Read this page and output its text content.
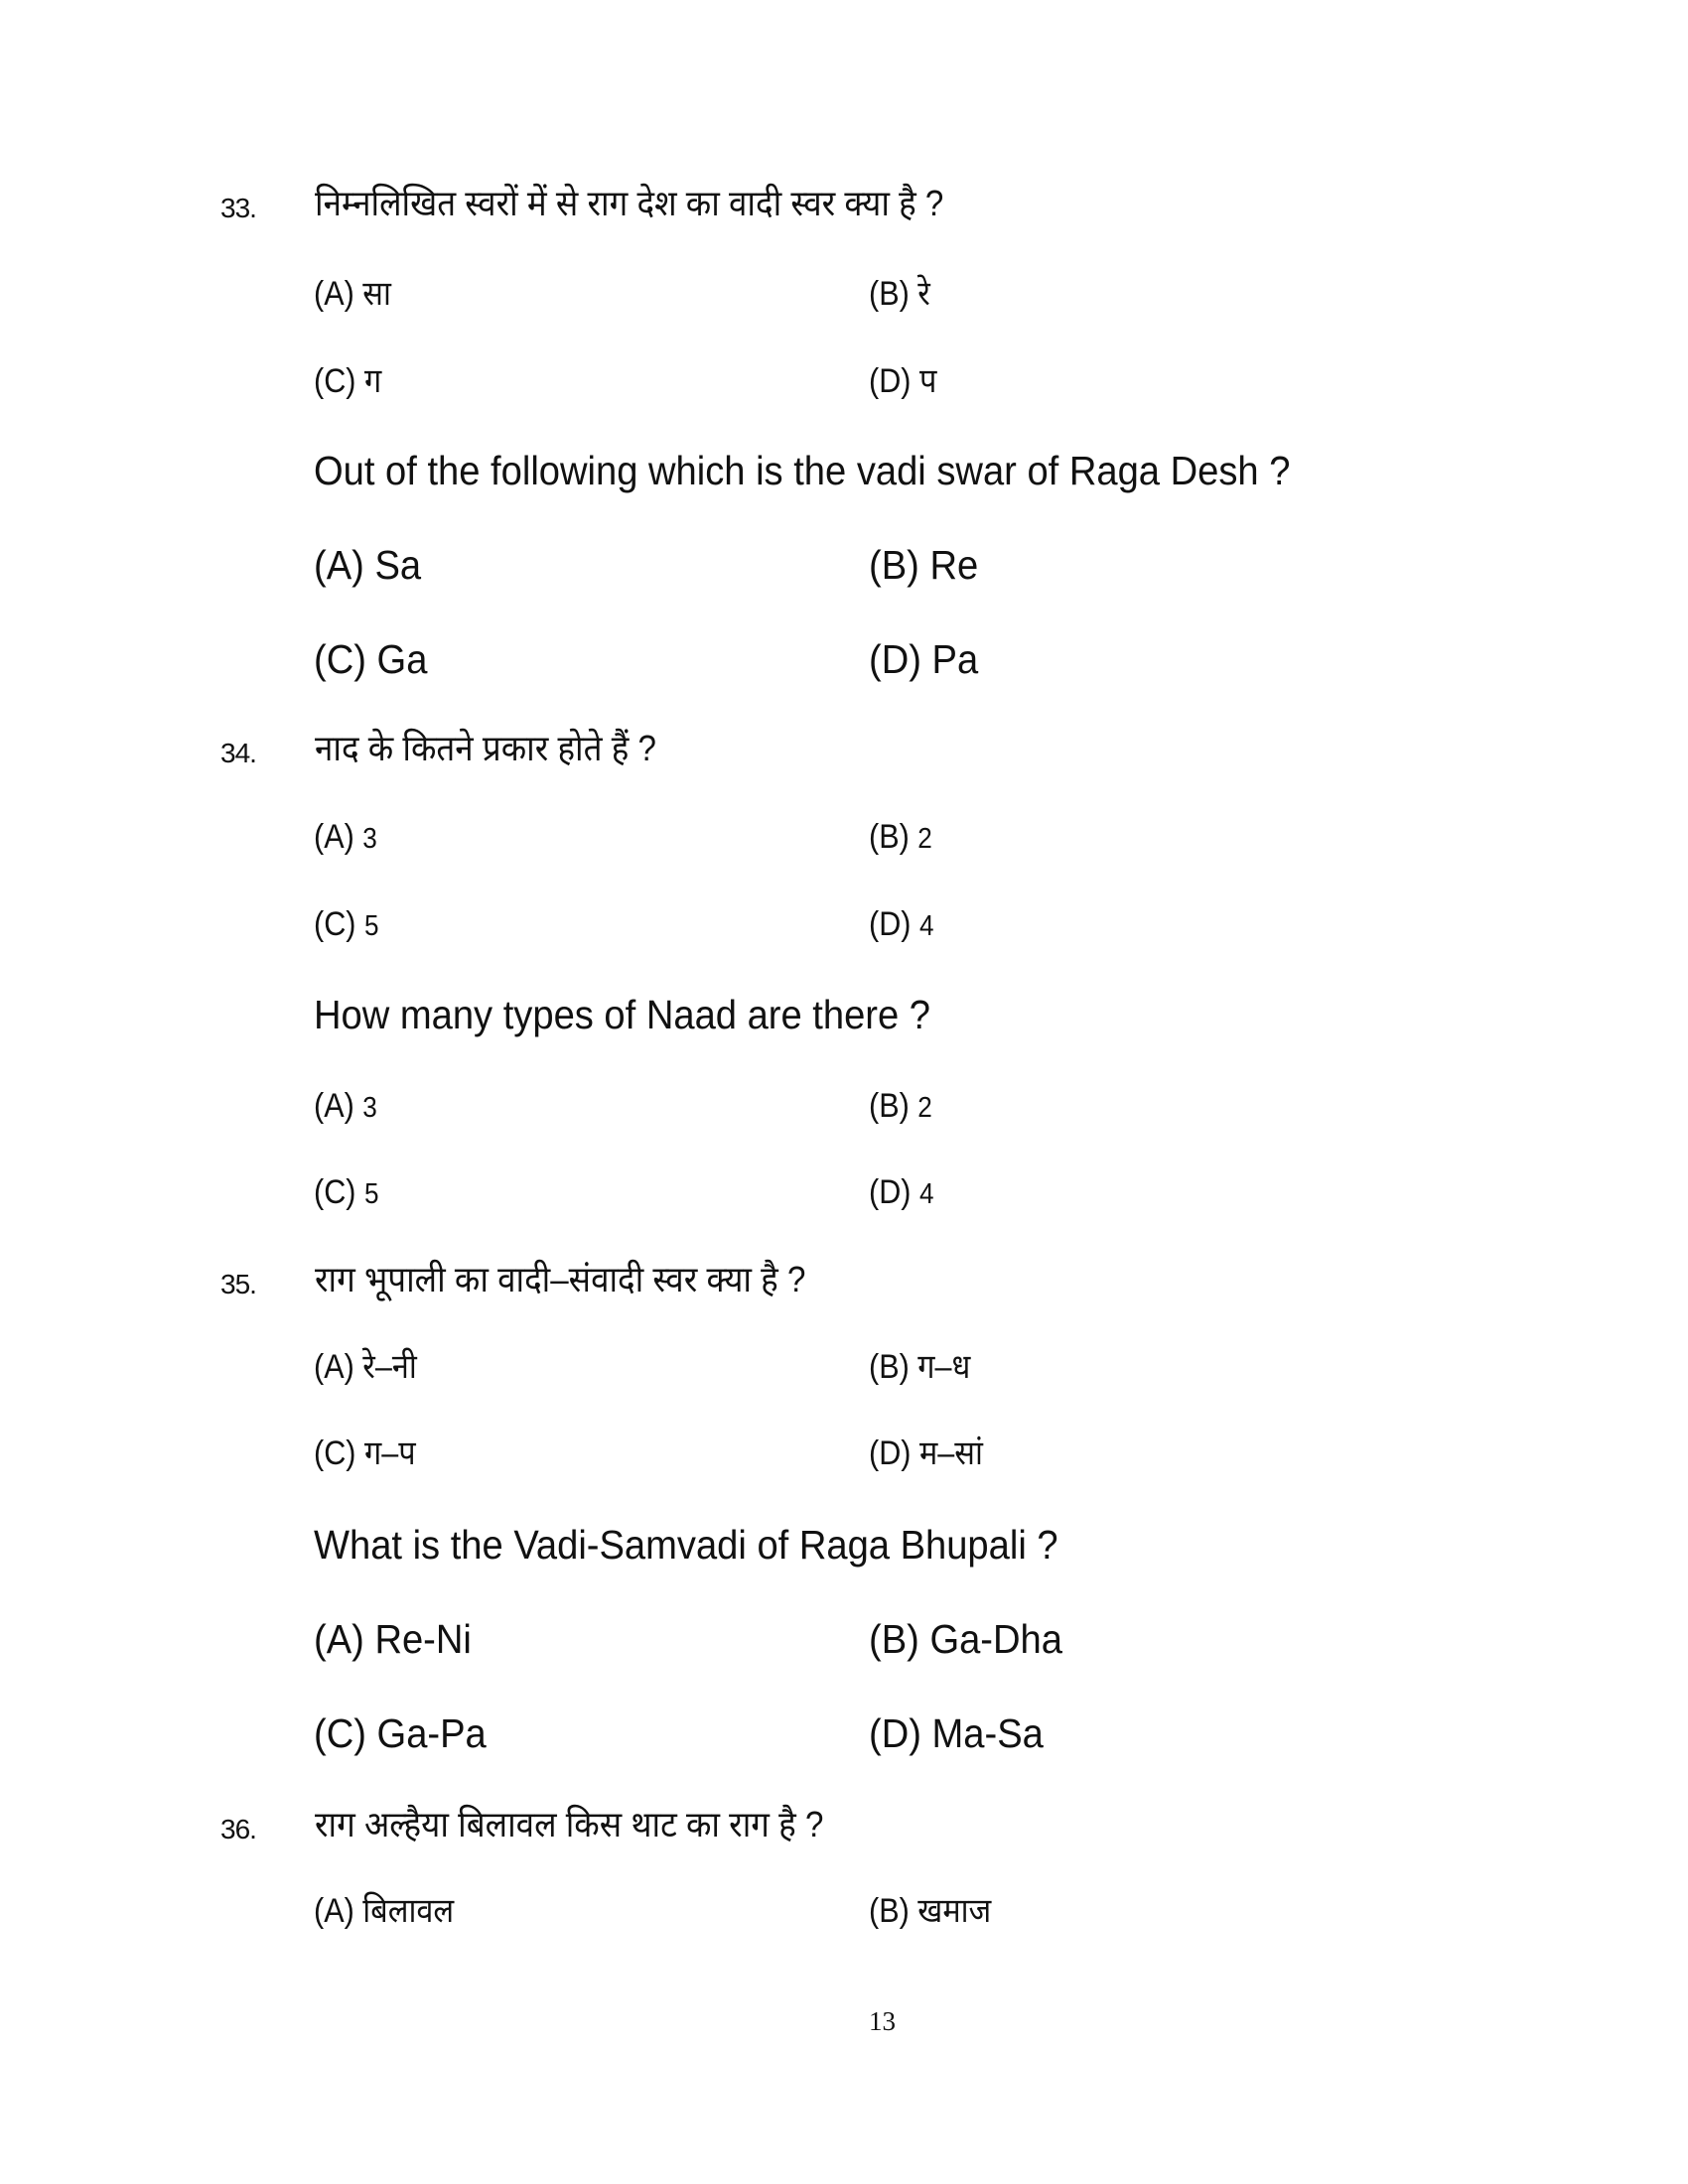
33. निम्नलिखित स्वरों में से राग देश का वादी स्वर क्या है ?
(A) सा	(B) रे
(C) ग	(D) प
Out of the following which is the vadi swar of Raga Desh ?
(A) Sa	(B) Re
(C) Ga	(D) Pa
34. नाद के कितने प्रकार होते हैं ?
(A) 3	(B) 2
(C) 5	(D) 4
How many types of Naad are there ?
(A) 3	(B) 2
(C) 5	(D) 4
35. राग भूपाली का वादी–संवादी स्वर क्या है ?
(A) रे–नी	(B) ग–ध
(C) ग–प	(D) म–सां
What is the Vadi-Samvadi of Raga Bhupali ?
(A) Re-Ni	(B) Ga-Dha
(C) Ga-Pa	(D) Ma-Sa
36. राग अल्हैया बिलावल किस थाट का राग है ?
(A) बिलावल	(B) खमाज
13
